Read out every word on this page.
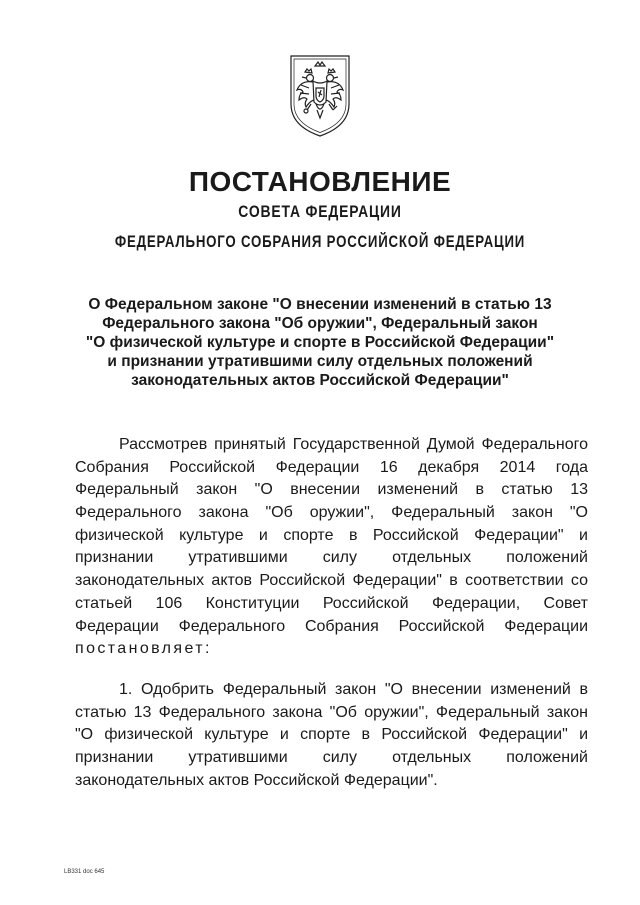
ПОСТАНОВЛЕНИЕ
СОВЕТА ФЕДЕРАЦИИ
ФЕДЕРАЛЬНОГО СОБРАНИЯ РОССИЙСКОЙ ФЕДЕРАЦИИ
О Федеральном законе "О внесении изменений в статью 13
Федерального закона "Об оружии", Федеральный закон
"О физической культуре и спорте в Российской Федерации"
и признании утратившими силу отдельных положений
законодательных актов Российской Федерации"
Рассмотрев принятый Государственной Думой Федерального
Собрания Российской Федерации 16 декабря 2014 года
Федеральный закон "О внесении изменений в статью 13
Федерального закона "Об оружии", Федеральный закон "О
физической культуре и спорте в Российской Федерации" и
признании утратившими силу отдельных положений
законодательных актов Российской Федерации" в соответствии со
статьей 106 Конституции Российской Федерации, Совет
Федерации Федерального Собрания Российской Федерации
постановляет:
1. Одобрить Федеральный закон "О внесении изменений в
статью 13 Федерального закона "Об оружии", Федеральный закон
"О физической культуре и спорте в Российской Федерации" и
признании утратившими силу отдельных положений
законодательных актов Российской Федерации".
LB331 doc 645
